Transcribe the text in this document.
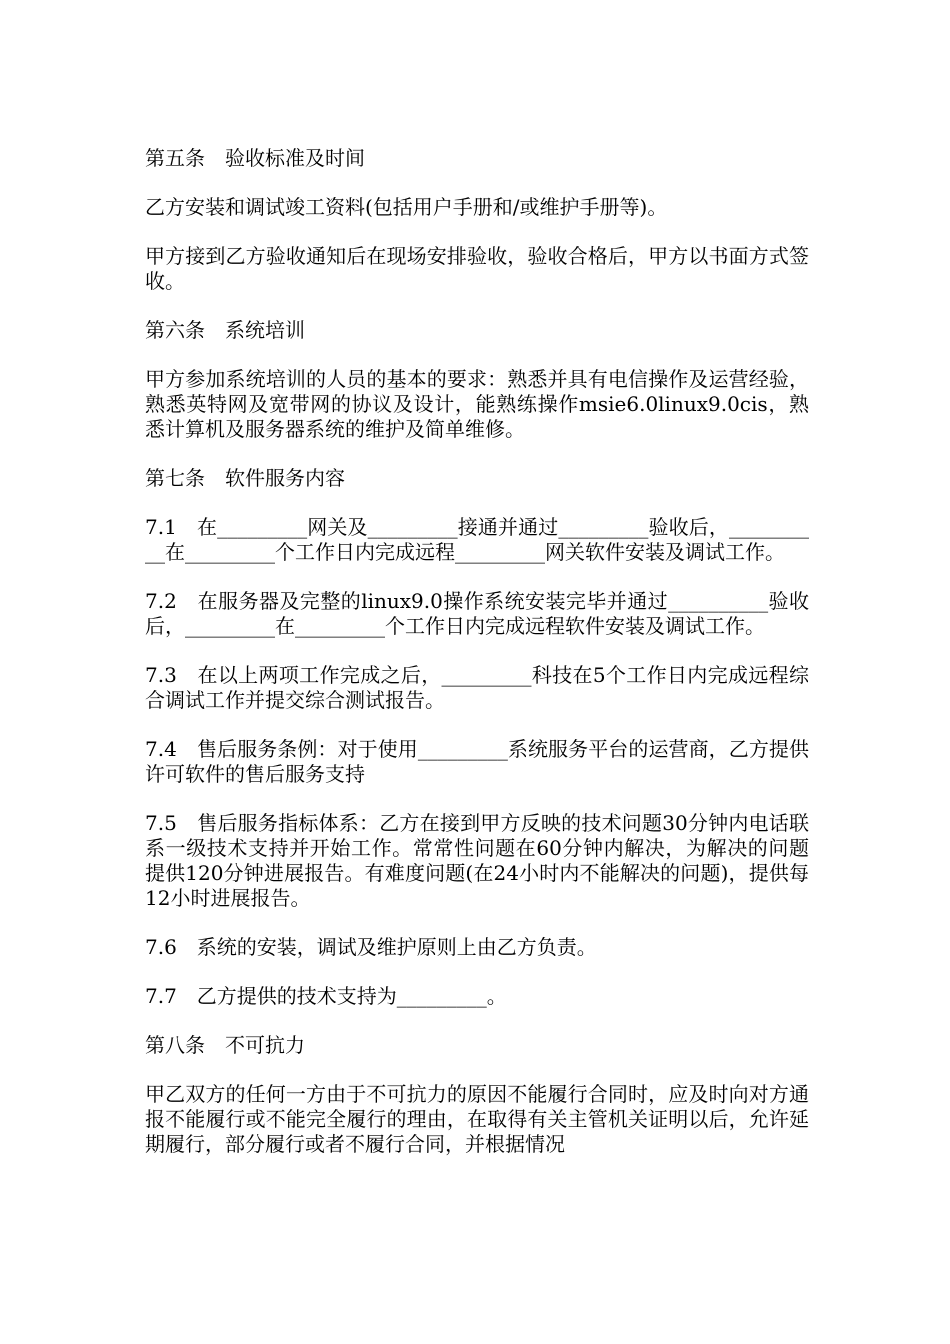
第五条　验收标准及时间

乙方安装和调试竣工资料(包括用户手册和/或维护手册等)。

甲方接到乙方验收通知后在现场安排验收，验收合格后，甲方以书面方式签收。

第六条　系统培训

甲方参加系统培训的人员的基本的要求：熟悉并具有电信操作及运营经验，熟悉英特网及宽带网的协议及设计，能熟练操作msie6.0linux9.0cis，熟悉计算机及服务器系统的维护及简单维修。

第七条　软件服务内容

7.1　在_________网关及_________接通并通过_________验收后，__________在_________个工作日内完成远程_________网关软件安装及调试工作。

7.2　在服务器及完整的linux9.0操作系统安装完毕并通过__________验收后，_________在_________个工作日内完成远程软件安装及调试工作。

7.3　在以上两项工作完成之后，_________科技在5个工作日内完成远程综合调试工作并提交综合测试报告。

7.4　售后服务条例：对于使用_________系统服务平台的运营商，乙方提供许可软件的售后服务支持

7.5　售后服务指标体系：乙方在接到甲方反映的技术问题30分钟内电话联系一级技术支持并开始工作。常常性问题在60分钟内解决，为解决的问题提供120分钟进展报告。有难度问题(在24小时内不能解决的问题)，提供每12小时进展报告。

7.6　系统的安装，调试及维护原则上由乙方负责。

7.7　乙方提供的技术支持为_________。

第八条　不可抗力

甲乙双方的任何一方由于不可抗力的原因不能履行合同时，应及时向对方通报不能履行或不能完全履行的理由，在取得有关主管机关证明以后，允许延期履行，部分履行或者不履行合同，并根据情况
